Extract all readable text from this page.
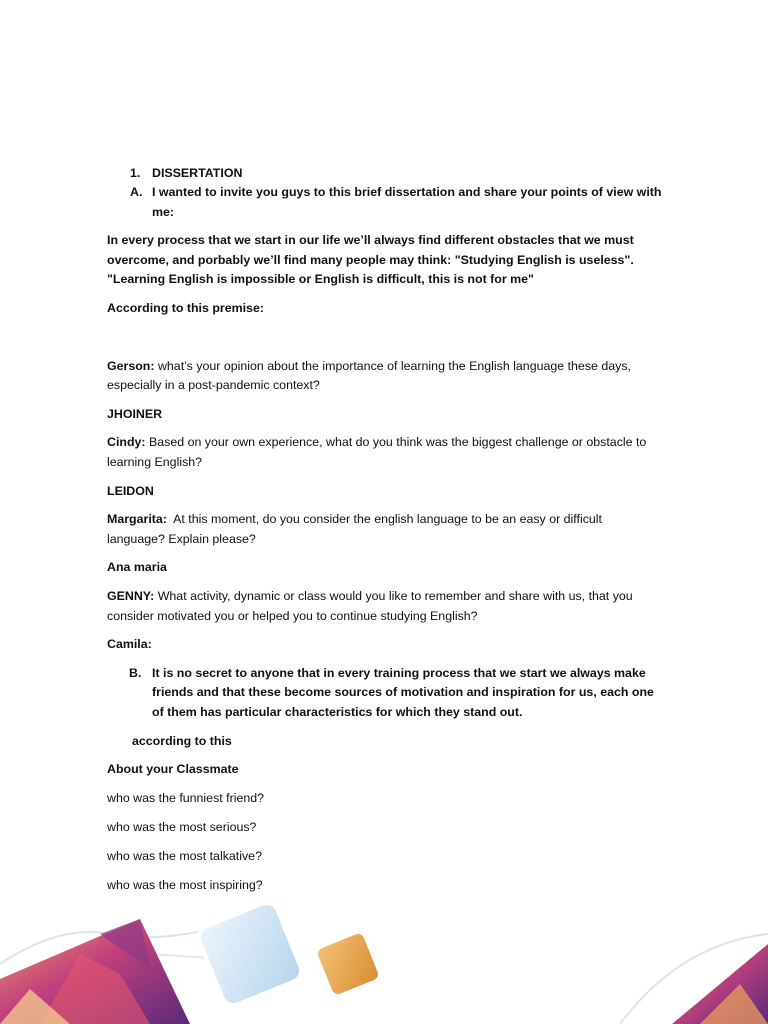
1. DISSERTATION
A. I wanted to invite you guys to this brief dissertation and share your points of view with me:

In every process that we start in our life we’ll always find different obstacles that we must overcome, and porbably we’ll find many people may think: "Studying English is useless".
"Learning English is impossible or English is difficult, this is not for me"

According to this premise:

Gerson: what’s your opinion about the importance of learning the English language these days, especially in a post-pandemic context?

JHOINER

Cindy: Based on your own experience, what do you think was the biggest challenge or obstacle to learning English?

LEIDON

Margarita:  At this moment, do you consider the english language to be an easy or difficult language? Explain please?

Ana maria

GENNY: What activity, dynamic or class would you like to remember and share with us, that you consider motivated you or helped you to continue studying English?

Camila:

B. It is no secret to anyone that in every training process that we start we always make friends and that these become sources of motivation and inspiration for us, each one of them has particular characteristics for which they stand out.

according to this

About your Classmate

who was the funniest friend?

who was the most serious?

who was the most talkative?

who was the most inspiring?
